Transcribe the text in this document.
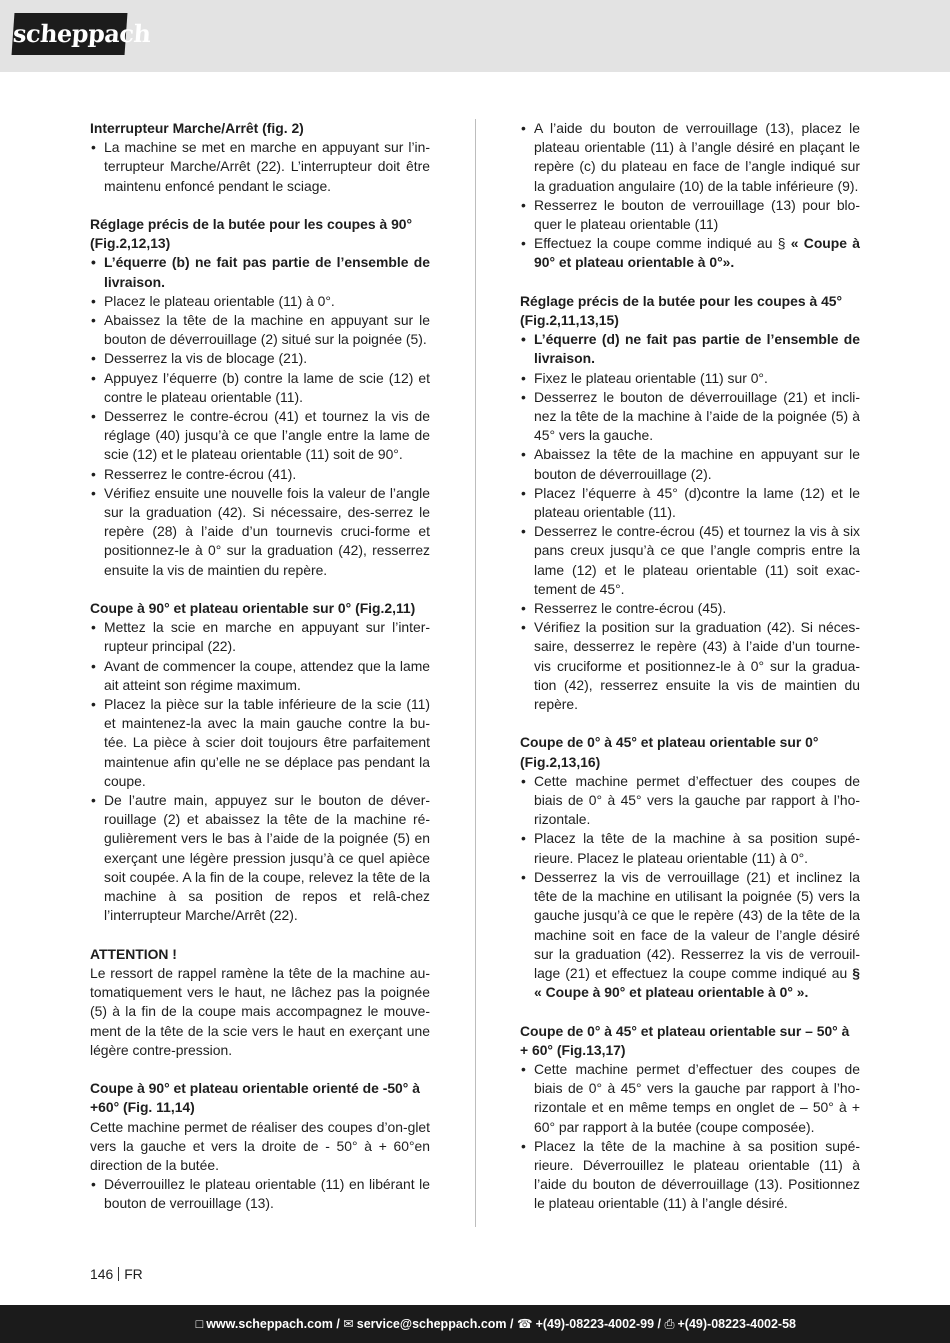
scheppach
Interrupteur Marche/Arrêt (fig. 2)
• La machine se met en marche en appuyant sur l’in-terrupteur Marche/Arrêt (22). L’interrupteur doit être maintenu enfoncé pendant le sciage.
Réglage précis de la butée pour les coupes à 90° (Fig.2,12,13)
• L’équerre (b) ne fait pas partie de l’ensemble de livraison.
• Placez le plateau orientable (11) à 0°.
• Abaissez la tête de la machine en appuyant sur le bouton de déverrouillage (2) situé sur la poignée (5).
• Desserrez la vis de blocage (21).
• Appuyez l’équerre (b) contre la lame de scie (12) et contre le plateau orientable (11).
• Desserrez le contre-écrou (41) et tournez la vis de réglage (40) jusqu’à ce que l’angle entre la lame de scie (12) et le plateau orientable (11) soit de 90°.
• Resserrez le contre-écrou (41).
• Vérifiez ensuite une nouvelle fois la valeur de l’angle sur la graduation (42). Si nécessaire, des-serrez le repère (28) à l’aide d’un tournevis cruci-forme et positionnez-le à 0° sur la graduation (42), resserrez ensuite la vis de maintien du repère.
Coupe à 90° et plateau orientable sur 0° (Fig.2,11)
• Mettez la scie en marche en appuyant sur l’inter-rupteur principal (22).
• Avant de commencer la coupe, attendez que la lame ait atteint son régime maximum.
• Placez la pièce sur la table inférieure de la scie (11) et maintenez-la avec la main gauche contre la bu-tée. La pièce à scier doit toujours être parfaitement maintenue afin qu’elle ne se déplace pas pendant la coupe.
• De l’autre main, appuyez sur le bouton de déver-rouillage (2) et abaissez la tête de la machine ré-gulièrement vers le bas à l’aide de la poignée (5) en exerçant une légère pression jusqu’à ce quel apièce soit coupée. A la fin de la coupe, relevez la tête de la machine à sa position de repos et relâ-chez l’interrupteur Marche/Arrêt (22).
ATTENTION !

Le ressort de rappel ramène la tête de la machine au-tomatiquement vers le haut, ne lâchez pas la poignée (5) à la fin de la coupe mais accompagnez le mouve-ment de la tête de la scie vers le haut en exerçant une légère contre-pression.

Coupe à 90° et plateau orientable orienté de -50° à +60° (Fig. 11,14)

Cette machine permet de réaliser des coupes d’on-glet vers la gauche et vers la droite de - 50° à + 60°en direction de la butée.

• Déverrouillez le plateau orientable (11) en libérant le bouton de verrouillage (13).
• A l’aide du bouton de verrouillage (13), placez le plateau orientable (11) à l’angle désiré en plaçant le repère (c) du plateau en face de l’angle indiqué sur la graduation angulaire (10) de la table inférieure (9).
• Resserrez le bouton de verrouillage (13) pour blo-quer le plateau orientable (11)
• Effectuez la coupe comme indiqué au § « Coupe à 90° et plateau orientable à 0°».
Réglage précis de la butée pour les coupes à 45° (Fig.2,11,13,15)
• L’équerre (d) ne fait pas partie de l’ensemble de livraison.
• Fixez le plateau orientable (11) sur 0°.
• Desserrez le bouton de déverrouillage (21) et incli-nez la tête de la machine à l’aide de la poignée (5) à 45° vers la gauche.
• Abaissez la tête de la machine en appuyant sur le bouton de déverrouillage (2).
• Placez l’équerre à 45° (d)contre la lame (12) et le plateau orientable (11).
• Desserrez le contre-écrou (45) et tournez la vis à six pans creux jusqu’à ce que l’angle compris entre la lame (12) et le plateau orientable (11) soit exac-tement de 45°.
• Resserrez le contre-écrou (45).
• Vérifiez la position sur la graduation (42). Si néces-saire, desserrez le repère (43) à l’aide d’un tourne-vis cruciforme et positionnez-le à 0° sur la gradua-tion (42), resserrez ensuite la vis de maintien du repère.
Coupe de 0° à 45° et plateau orientable sur 0° (Fig.2,13,16)
• Cette machine permet d’effectuer des coupes de biais de 0° à 45° vers la gauche par rapport à l’ho-rizontale.
• Placez la tête de la machine à sa position supé-rieure. Placez le plateau orientable (11) à 0°.
• Desserrez la vis de verrouillage (21) et inclinez la tête de la machine en utilisant la poignée (5) vers la gauche jusqu’à ce que le repère (43) de la tête de la machine soit en face de la valeur de l’angle désiré sur la graduation (42). Resserrez la vis de verrouil-lage (21) et effectuez la coupe comme indiqué au § « Coupe à 90° et plateau orientable à 0° ».
Coupe de 0° à 45° et plateau orientable sur – 50° à + 60° (Fig.13,17)
• Cette machine permet d’effectuer des coupes de biais de 0° à 45° vers la gauche par rapport à l’ho-rizontale et en même temps en onglet de – 50° à + 60° par rapport à la butée (coupe composée).
• Placez la tête de la machine à sa position supé-rieure. Déverrouillez le plateau orientable (11) à l’aide du bouton de déverrouillage (13). Positionnez le plateau orientable (11) à l’angle désiré.
146 FR
□ www.scheppach.com / ✉ service@scheppach.com / ☎ +(49)-08223-4002-99 / ⎙ +(49)-08223-4002-58
